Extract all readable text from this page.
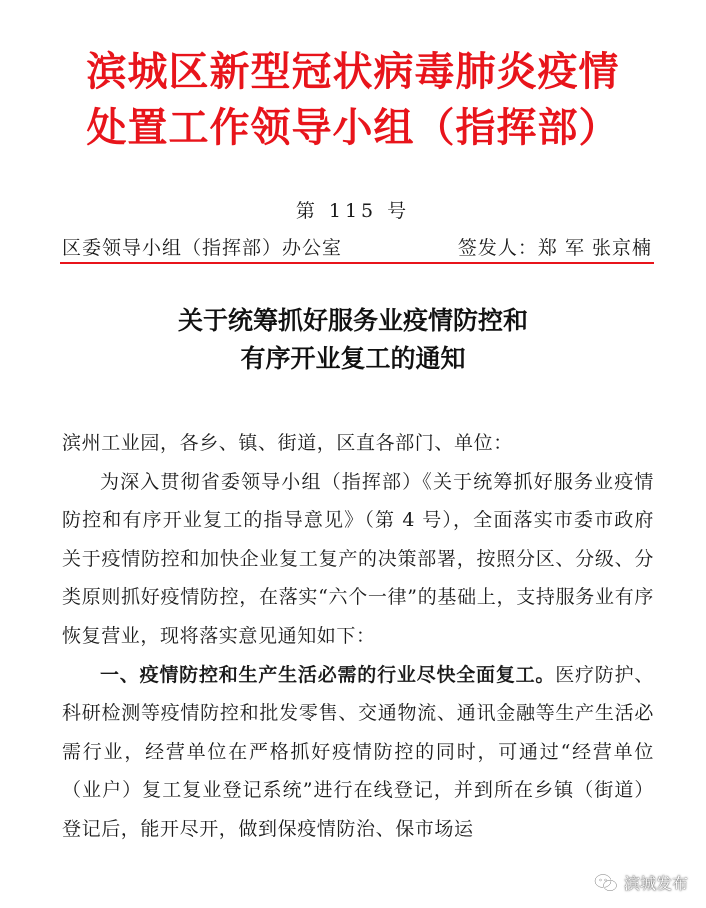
滨城区新型冠状病毒肺炎疫情
处置工作领导小组（指挥部）
第 115 号
区委领导小组（指挥部）办公室	签发人：郑 军 张京楠
关于统筹抓好服务业疫情防控和
有序开业复工的通知

滨州工业园，各乡、镇、街道，区直各部门、单位：

为深入贯彻省委领导小组（指挥部）《关于统筹抓好服务业疫情防控和有序开业复工的指导意见》（第 4 号），全面落实市委市政府关于疫情防控和加快企业复工复产的决策部署，按照分区、分级、分类原则抓好疫情防控，在落实“六个一律”的基础上，支持服务业有序恢复营业，现将落实意见通知如下：

一、疫情防控和生产生活必需的行业尽快全面复工。医疗防护、科研检测等疫情防控和批发零售、交通物流、通讯金融等生产生活必需行业，经营单位在严格抓好疫情防控的同时，可通过“经营单位（业户）复工复业登记系统”进行在线登记，并到所在乡镇（街道）登记后，能开尽开，做到保疫情防治、保市场运

滨城发布
